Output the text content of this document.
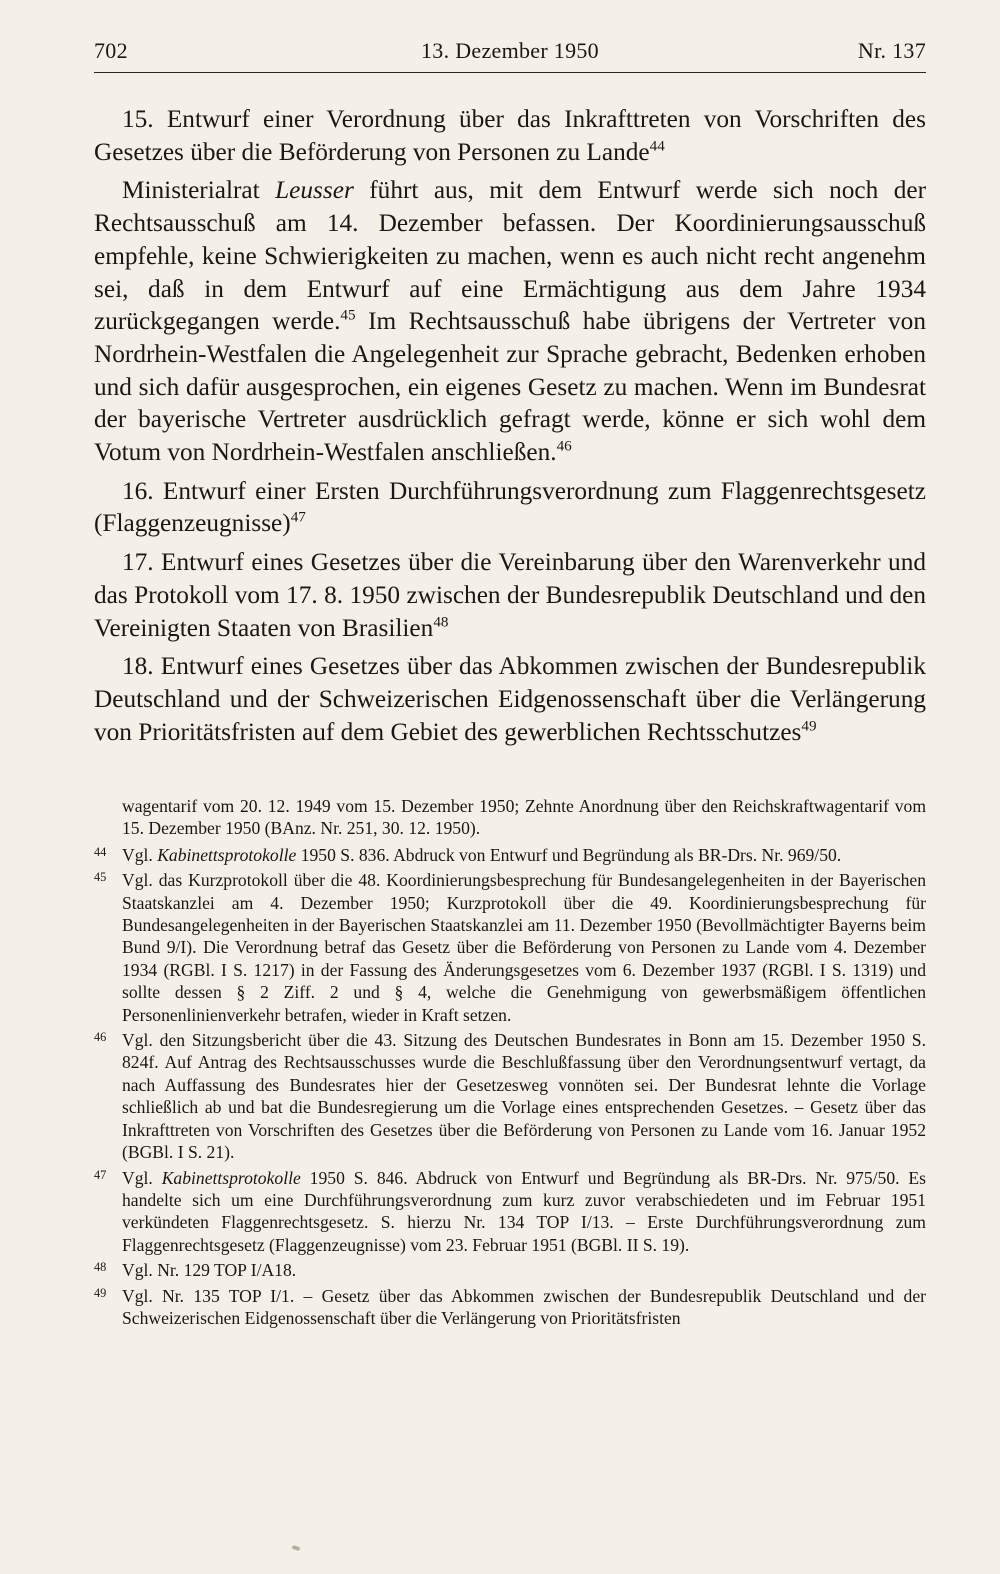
13. Dezember 1950
702	Nr. 137

15. Entwurf einer Verordnung über das Inkrafttreten von Vorschriften des Gesetzes über die Beförderung von Personen zu Lande$^{44}$

Ministerialrat Leusser führt aus, mit dem Entwurf werde sich noch der Rechtsausschuß am 14. Dezember befassen. Der Koordinierungsausschuß empfehle, keine Schwierigkeiten zu machen, wenn es auch nicht recht angenehm sei, daß in dem Entwurf auf eine Ermächtigung aus dem Jahre 1934 zurückgegangen werde.$^{45}$ Im Rechtsausschuß habe übrigens der Vertreter von Nordrhein-Westfalen die Angelegenheit zur Sprache gebracht, Bedenken erhoben und sich dafür ausgesprochen, ein eigenes Gesetz zu machen. Wenn im Bundesrat der bayerische Vertreter ausdrücklich gefragt werde, könne er sich wohl dem Votum von Nordrhein-Westfalen anschließen.$^{46}$

16. Entwurf einer Ersten Durchführungsverordnung zum Flaggenrechtsgesetz (Flaggenzeugnisse)$^{47}$

17. Entwurf eines Gesetzes über die Vereinbarung über den Warenverkehr und das Protokoll vom 17. 8. 1950 zwischen der Bundesrepublik Deutschland und den Vereinigten Staaten von Brasilien$^{48}$

18. Entwurf eines Gesetzes über das Abkommen zwischen der Bundesrepublik Deutschland und der Schweizerischen Eidgenossenschaft über die Verlängerung von Prioritätsfristen auf dem Gebiet des gewerblichen Rechtsschutzes$^{49}$

wagentarif vom 20. 12. 1949 vom 15. Dezember 1950; Zehnte Anordnung über den Reichskraftwagentarif vom 15. Dezember 1950 (BAnz. Nr. 251, 30. 12. 1950).
44 Vgl. Kabinettsprotokolle 1950 S. 836. Abdruck von Entwurf und Begründung als BR-Drs. Nr. 969/50.
45 Vgl. das Kurzprotokoll über die 48. Koordinierungsbesprechung für Bundesangelegenheiten in der Bayerischen Staatskanzlei am 4. Dezember 1950; Kurzprotokoll über die 49. Koordinierungsbesprechung für Bundesangelegenheiten in der Bayerischen Staatskanzlei am 11. Dezember 1950 (Bevollmächtigter Bayerns beim Bund 9/I). Die Verordnung betraf das Gesetz über die Beförderung von Personen zu Lande vom 4. Dezember 1934 (RGBl. I S. 1217) in der Fassung des Änderungsgesetzes vom 6. Dezember 1937 (RGBl. I S. 1319) und sollte dessen § 2 Ziff. 2 und § 4, welche die Genehmigung von gewerbsmäßigem öffentlichen Personenlinienverkehr betrafen, wieder in Kraft setzen.
46 Vgl. den Sitzungsbericht über die 43. Sitzung des Deutschen Bundesrates in Bonn am 15. Dezember 1950 S. 824f. Auf Antrag des Rechtsausschusses wurde die Beschlußfassung über den Verordnungsentwurf vertagt, da nach Auffassung des Bundesrates hier der Gesetzesweg vonnöten sei. Der Bundesrat lehnte die Vorlage schließlich ab und bat die Bundesregierung um die Vorlage eines entsprechenden Gesetzes. – Gesetz über das Inkrafttreten von Vorschriften des Gesetzes über die Beförderung von Personen zu Lande vom 16. Januar 1952 (BGBl. I S. 21).
47 Vgl. Kabinettsprotokolle 1950 S. 846. Abdruck von Entwurf und Begründung als BR-Drs. Nr. 975/50. Es handelte sich um eine Durchführungsverordnung zum kurz zuvor verabschiedeten und im Februar 1951 verkündeten Flaggenrechtsgesetz. S. hierzu Nr. 134 TOP I/13. – Erste Durchführungsverordnung zum Flaggenrechtsgesetz (Flaggenzeugnisse) vom 23. Februar 1951 (BGBl. II S. 19).
48 Vgl. Nr. 129 TOP I/A18.
49 Vgl. Nr. 135 TOP I/1. – Gesetz über das Abkommen zwischen der Bundesrepublik Deutschland und der Schweizerischen Eidgenossenschaft über die Verlängerung von Prioritätsfristen
